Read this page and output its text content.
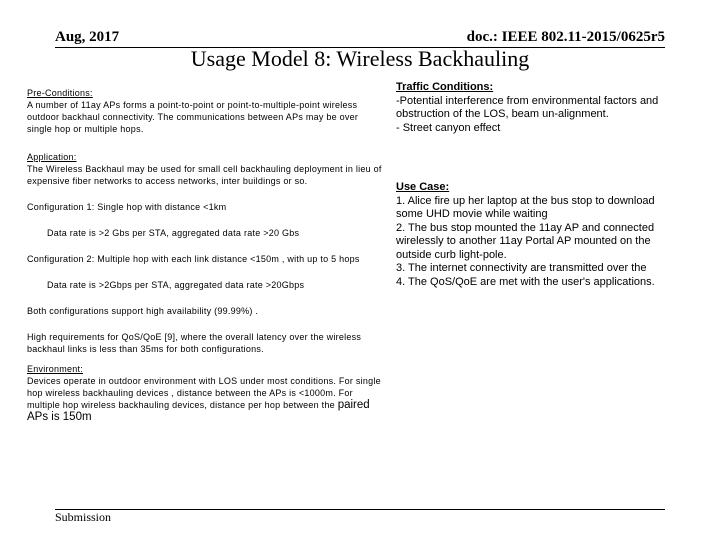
Aug, 2017	doc.: IEEE 802.11-2015/0625r5
Usage Model 8: Wireless Backhauling

Pre-Conditions:

A number of 11ay APs forms a point-to-point or point-to-multiple-point wireless outdoor backhaul connectivity. The communications between APs may be over single hop or multiple hops.

Application:

The Wireless Backhaul may be used for small cell backhauling deployment in lieu of expensive fiber networks to access networks, inter buildings or so.

Configuration 1: Single hop with distance <1km

Data rate is >2 Gbs per STA, aggregated data rate >20 Gbs

Configuration 2: Multiple hop with each link distance <150m , with up to 5 hops

Data rate is >2Gbps per STA, aggregated data rate >20Gbps

Both configurations support high availability (99.99%) .

High requirements for QoS/QoE [9], where the overall latency over the wireless backhaul links is less than 35ms for both configurations.

Environment:

Devices operate in outdoor environment with LOS under most conditions. For single hop wireless backhauling devices , distance between the APs is <1000m. For multiple hop wireless backhauling devices, distance per hop between the paired APs is 150m

Traffic Conditions:

-Potential interference from environmental factors and obstruction of the LOS, beam un-alignment.

- Street canyon effect

Use Case:

1. Alice fire up her laptop at the bus stop to download some UHD movie while waiting

2. The bus stop mounted the 11ay AP and connected wirelessly to another 11ay Portal AP mounted on the outside curb light-pole.

3. The internet connectivity are transmitted over the

4. The QoS/QoE are met with the user's applications.

Submission
